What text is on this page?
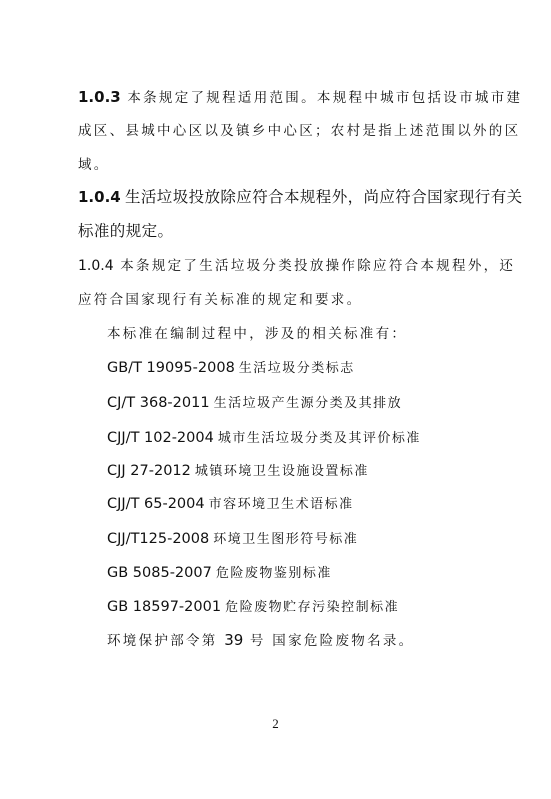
1.0.3 本条规定了规程适用范围。本规程中城市包括设市城市建
成区、县城中心区以及镇乡中心区；农村是指上述范围以外的区
域。
1.0.4 生活垃圾投放除应符合本规程外，尚应符合国家现行有关
标准的规定。
1.0.4 本条规定了生活垃圾分类投放操作除应符合本规程外，还
应符合国家现行有关标准的规定和要求。
本标准在编制过程中，涉及的相关标准有：
GB/T 19095-2008 生活垃圾分类标志
CJ/T 368-2011 生活垃圾产生源分类及其排放
CJJ/T 102-2004 城市生活垃圾分类及其评价标准
CJJ 27-2012 城镇环境卫生设施设置标准
CJJ/T 65-2004 市容环境卫生术语标准
CJJ/T125-2008 环境卫生图形符号标准
GB 5085-2007 危险废物鉴别标准
GB 18597-2001 危险废物贮存污染控制标准
环境保护部令第 39 号 国家危险废物名录。
2
